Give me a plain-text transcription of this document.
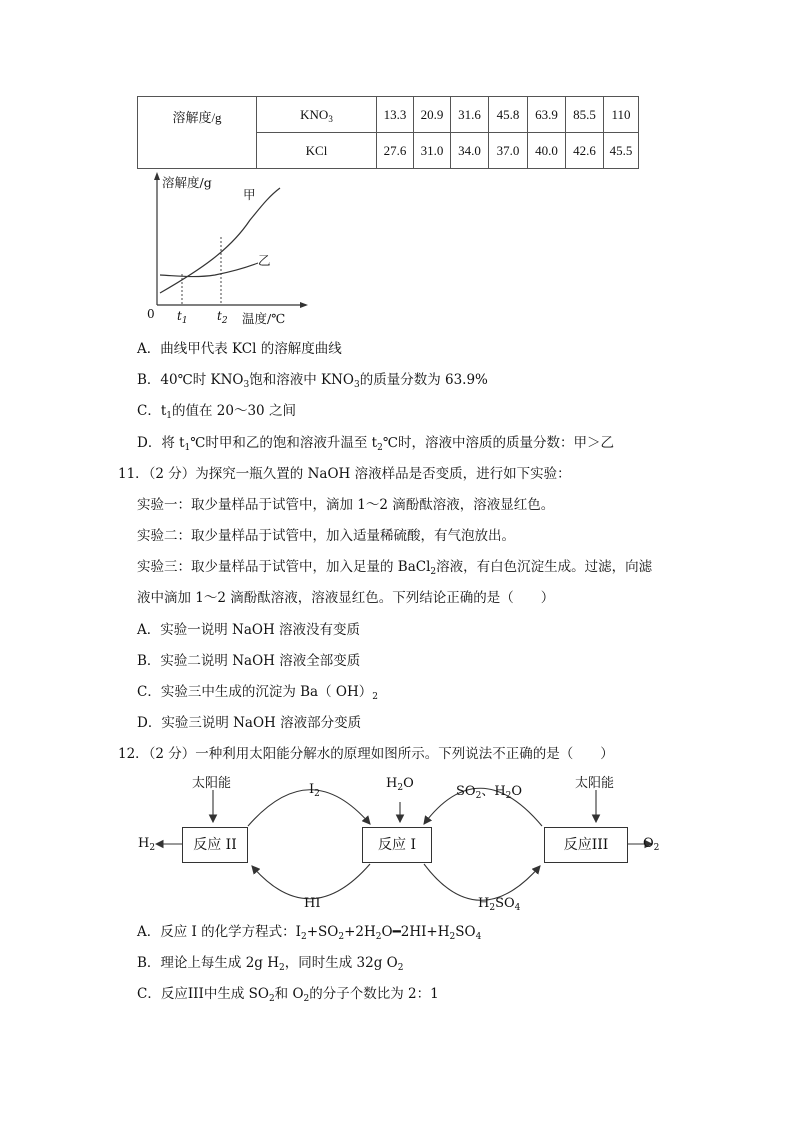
溶解度/g	$KNO_3$	13.3	20.9	31.6	45.8	63.9	85.5	110
	KCl	27.6	31.0	34.0	37.0	40.0	42.6	45.5
溶解度/g
甲
乙
0 $t_1$ $t_2$ 温度/℃
A．曲线甲代表 KCl 的溶解度曲线
B．40℃时 $KNO_3$饱和溶液中 $KNO_3$的质量分数为 63.9%
C．$t_1$的值在 20～30 之间
D．将 $t_1℃$时甲和乙的饱和溶液升温至 $t_2℃$时，溶液中溶质的质量分数：甲＞乙
11．（2 分）为探究一瓶久置的 NaOH 溶液样品是否变质，进行如下实验：
实验一：取少量样品于试管中，滴加 1～2 滴酚酞溶液，溶液显红色。
实验二：取少量样品于试管中，加入适量稀硫酸，有气泡放出。
实验三：取少量样品于试管中，加入足量的 BaCl$_2$溶液，有白色沉淀生成。过滤，向滤
液中滴加 1～2 滴酚酞溶液，溶液显红色。下列结论正确的是（　　）
A．实验一说明 NaOH 溶液没有变质
B．实验二说明 NaOH 溶液全部变质
C．实验三中生成的沉淀为 Ba（ $OH)_2$
D．实验三说明 NaOH 溶液部分变质
12．（2 分）一种利用太阳能分解水的原理如图所示。下列说法不正确的是（　　）
反应 II	反应 I	反应III
太阳能	太阳能
$H_2$	$O_2$
$I_2$
$H_2O$
$SO_2$、$H_2O$
HI	$H_2SO_4$
A．反应 I 的化学方程式：$I_2+SO_2+2H_2O━2HI+H_2SO_4$
B．理论上每生成 2g $H_2$，同时生成 32g $O_2$
C．反应III中生成 $SO_2$和 $O_2$的分子个数比为 2：1
